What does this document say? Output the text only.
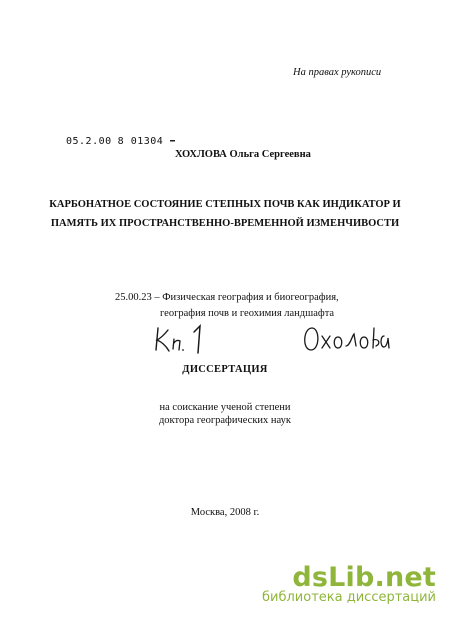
На правах рукописи
05.2.00 8 01304
ХОХЛОВА Ольга Сергеевна
КАРБОНАТНОЕ СОСТОЯНИЕ СТЕПНЫХ ПОЧВ КАК ИНДИКАТОР И
ПАМЯТЬ ИХ ПРОСТРАНСТВЕННО-ВРЕМЕННОЙ ИЗМЕНЧИВОСТИ
25.00.23 – Физическая география и биогеография,
география почв и геохимия ландшафта
ДИССЕРТАЦИЯ
на соискание ученой степени
доктора географических наук
Москва, 2008 г.
dsLib.net
библиотека диссертаций
